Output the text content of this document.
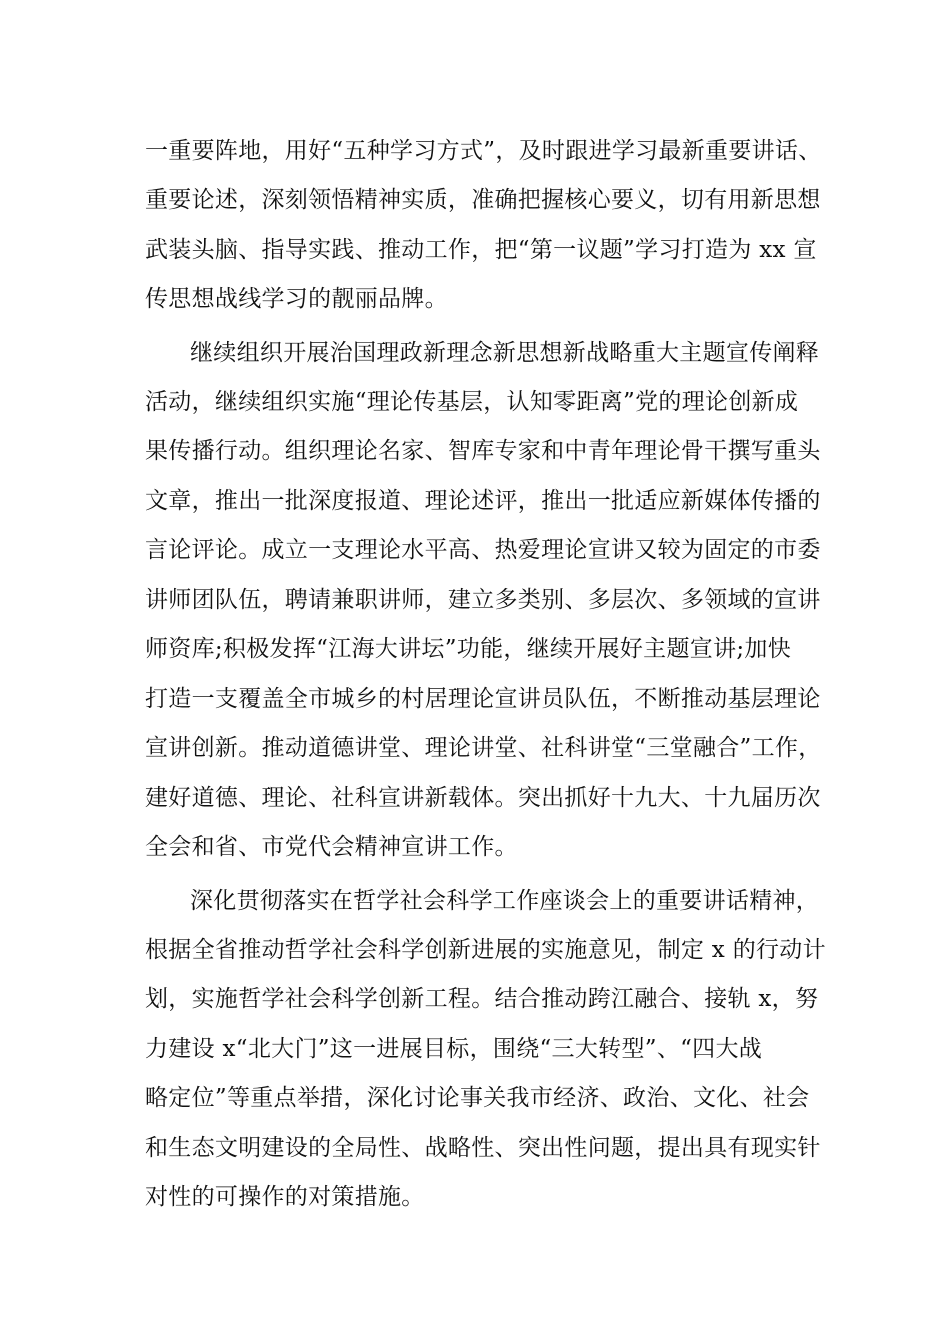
一重要阵地，用好“五种学习方式”，及时跟进学习最新重要讲话、
重要论述，深刻领悟精神实质，准确把握核心要义，切有用新思想
武装头脑、指导实践、推动工作，把“第一议题”学习打造为 xx 宣
传思想战线学习的靓丽品牌。
继续组织开展治国理政新理念新思想新战略重大主题宣传阐释
活动，继续组织实施“理论传基层，认知零距离”党的理论创新成
果传播行动。组织理论名家、智库专家和中青年理论骨干撰写重头
文章，推出一批深度报道、理论述评，推出一批适应新媒体传播的
言论评论。成立一支理论水平高、热爱理论宣讲又较为固定的市委
讲师团队伍，聘请兼职讲师，建立多类别、多层次、多领域的宣讲
师资库;积极发挥“江海大讲坛”功能，继续开展好主题宣讲;加快
打造一支覆盖全市城乡的村居理论宣讲员队伍，不断推动基层理论
宣讲创新。推动道德讲堂、理论讲堂、社科讲堂“三堂融合”工作，
建好道德、理论、社科宣讲新载体。突出抓好十九大、十九届历次
全会和省、市党代会精神宣讲工作。
深化贯彻落实在哲学社会科学工作座谈会上的重要讲话精神，
根据全省推动哲学社会科学创新进展的实施意见，制定 x 的行动计
划，实施哲学社会科学创新工程。结合推动跨江融合、接轨 x，努
力建设 x“北大门”这一进展目标，围绕“三大转型”、“四大战
略定位”等重点举措，深化讨论事关我市经济、政治、文化、社会
和生态文明建设的全局性、战略性、突出性问题，提出具有现实针
对性的可操作的对策措施。
